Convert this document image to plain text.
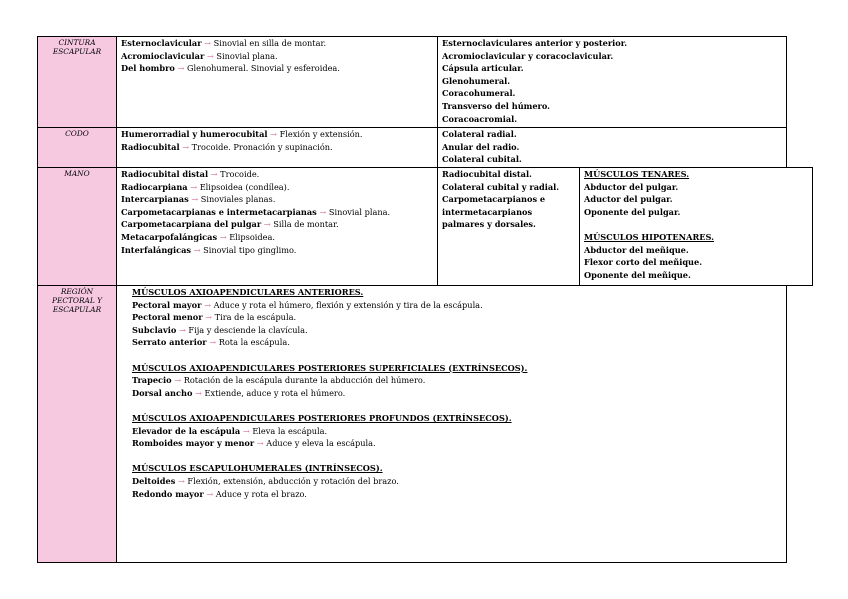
CINTURA ESCAPULAR
Esternoclavicular → Sinovial en silla de montar.
Acromioclavicular → Sinovial plana.
Del hombro → Glenohumeral. Sinovial y esferoidea.
Esternoclaviculares anterior y posterior.
Acromioclavicular y coracoclavicular.
Cápsula articular.
Glenohumeral.
Coracohumeral.
Transverso del húmero.
Coracoacromial.
CODO	Humerorradial y humerocubital → Flexión y extensión.
Radiocubital → Trocoide. Pronación y supinación.
Colateral radial.
Anular del radio.
Colateral cubital.
MANO	Radiocubital distal → Trocoide.
Radiocarpiana → Elipsoidea (condílea).
Intercarpianas → Sinoviales planas.
Carpometacarpianas e intermetacarpianas → Sinovial plana.
Carpometacarpiana del pulgar → Silla de montar.
Metacarpofalángicas → Elipsoidea.
Interfalángicas → Sinovial tipo ginglimo.
Radiocubital distal.
Colateral cubital y radial.
Carpometacarpianos e
intermetacarpianos
palmares y dorsales.
MÚSCULOS TENARES.
Abductor del pulgar.
Aductor del pulgar.
Oponente del pulgar.
MÚSCULOS HIPOTENARES.
Abductor del meñique.
Flexor corto del meñique.
Oponente del meñique.
REGIÓN PECTORAL Y ESCAPULAR
MÚSCULOS AXIOAPENDICULARES ANTERIORES.
Pectoral mayor → Aduce y rota el húmero, flexión y extensión y tira de la escápula.
Pectoral menor → Tira de la escápula.
Subclavio → Fija y desciende la clavícula.
Serrato anterior → Rota la escápula.
MÚSCULOS AXIOAPENDICULARES POSTERIORES SUPERFICIALES (EXTRÍNSECOS).
Trapecio → Rotación de la escápula durante la abducción del húmero.
Dorsal ancho → Extiende, aduce y rota el húmero.
MÚSCULOS AXIOAPENDICULARES POSTERIORES PROFUNDOS (EXTRÍNSECOS).
Elevador de la escápula → Eleva la escápula.
Romboides mayor y menor → Aduce y eleva la escápula.
MÚSCULOS ESCAPULOHUMERALES (INTRÍNSECOS).
Deltoides → Flexión, extensión, abducción y rotación del brazo.
Redondo mayor → Aduce y rota el brazo.
